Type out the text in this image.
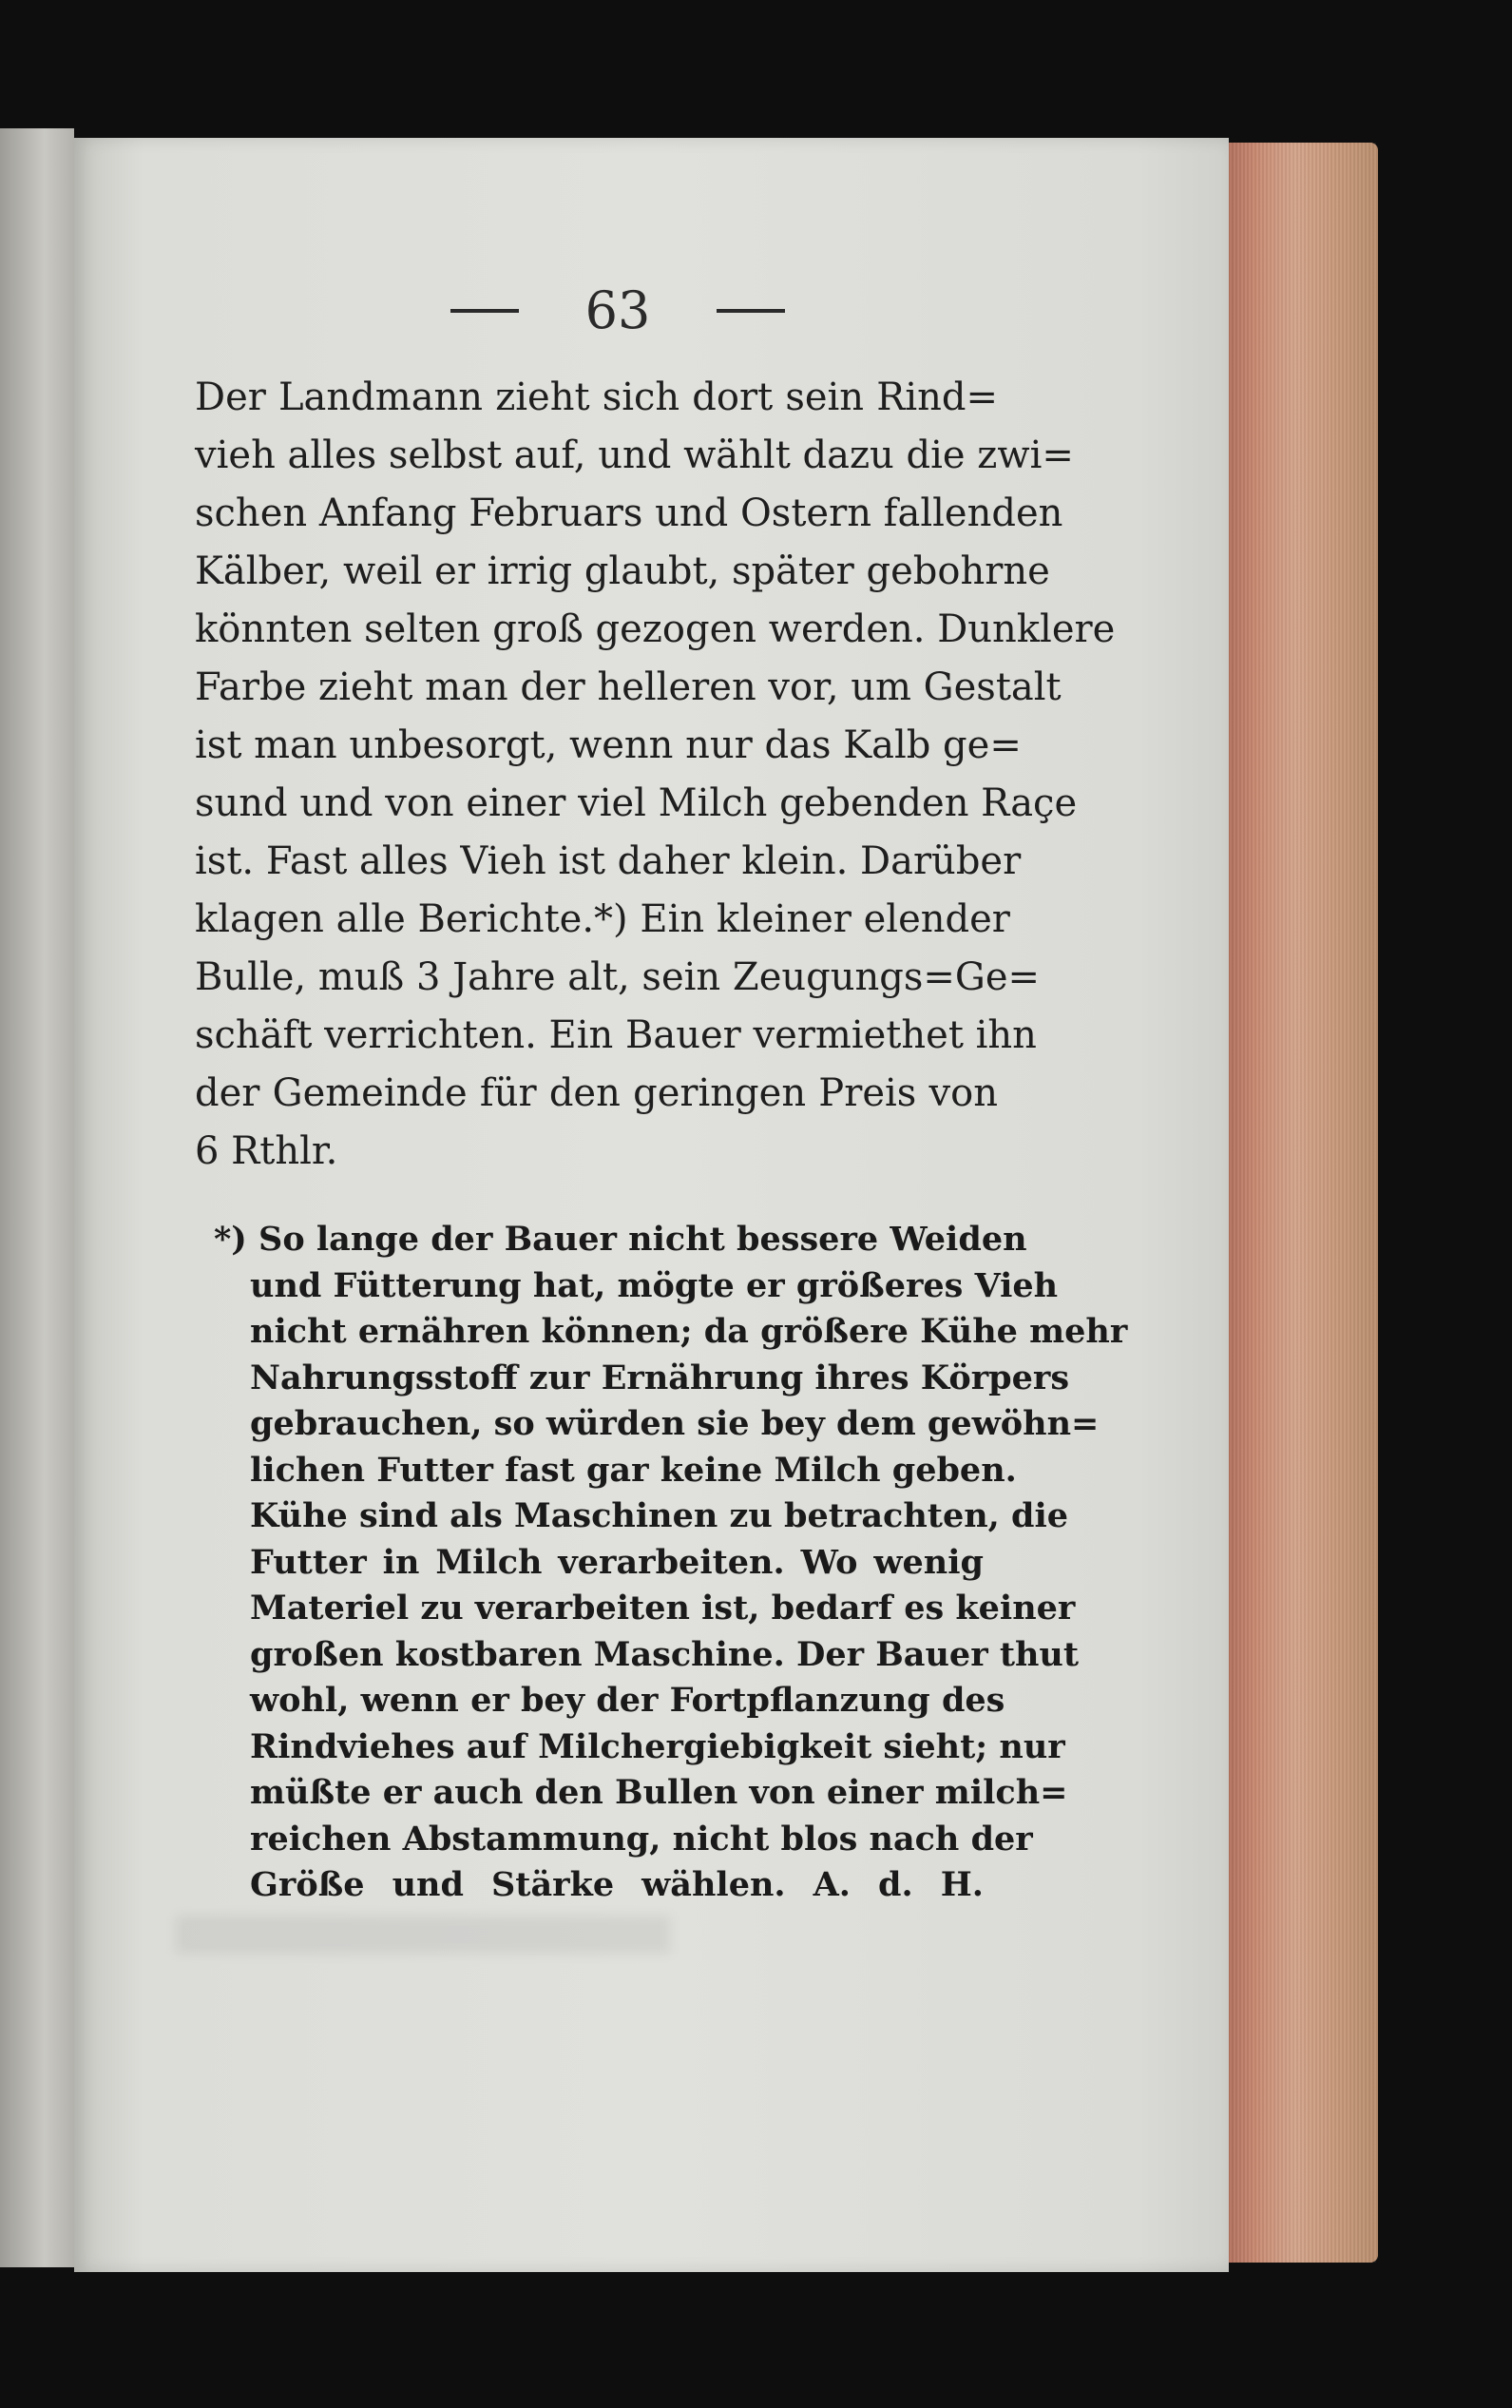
63
Der Landmann zieht sich dort sein Rind=
vieh alles selbst auf, und wählt dazu die zwi=
schen Anfang Februars und Ostern fallenden
Kälber, weil er irrig glaubt, später gebohrne
könnten selten groß gezogen werden. Dunklere
Farbe zieht man der helleren vor, um Gestalt
ist man unbesorgt, wenn nur das Kalb ge=
sund und von einer viel Milch gebenden Raçe
ist. Fast alles Vieh ist daher klein. Darüber
klagen alle Berichte.*) Ein kleiner elender
Bulle, muß 3 Jahre alt, sein Zeugungs=Ge=
schäft verrichten. Ein Bauer vermiethet ihn
der Gemeinde für den geringen Preis von
6 Rthlr.
*) So lange der Bauer nicht bessere Weiden
und Fütterung hat, mögte er größeres Vieh
nicht ernähren können; da größere Kühe mehr
Nahrungsstoff zur Ernährung ihres Körpers
gebrauchen, so würden sie bey dem gewöhn=
lichen Futter fast gar keine Milch geben.
Kühe sind als Maschinen zu betrachten, die
Futter in Milch verarbeiten. Wo wenig
Materiel zu verarbeiten ist, bedarf es keiner
großen kostbaren Maschine. Der Bauer thut
wohl, wenn er bey der Fortpflanzung des
Rindviehes auf Milchergiebigkeit sieht; nur
müßte er auch den Bullen von einer milch=
reichen Abstammung, nicht blos nach der
Größe und Stärke wählen. A. d. H.
